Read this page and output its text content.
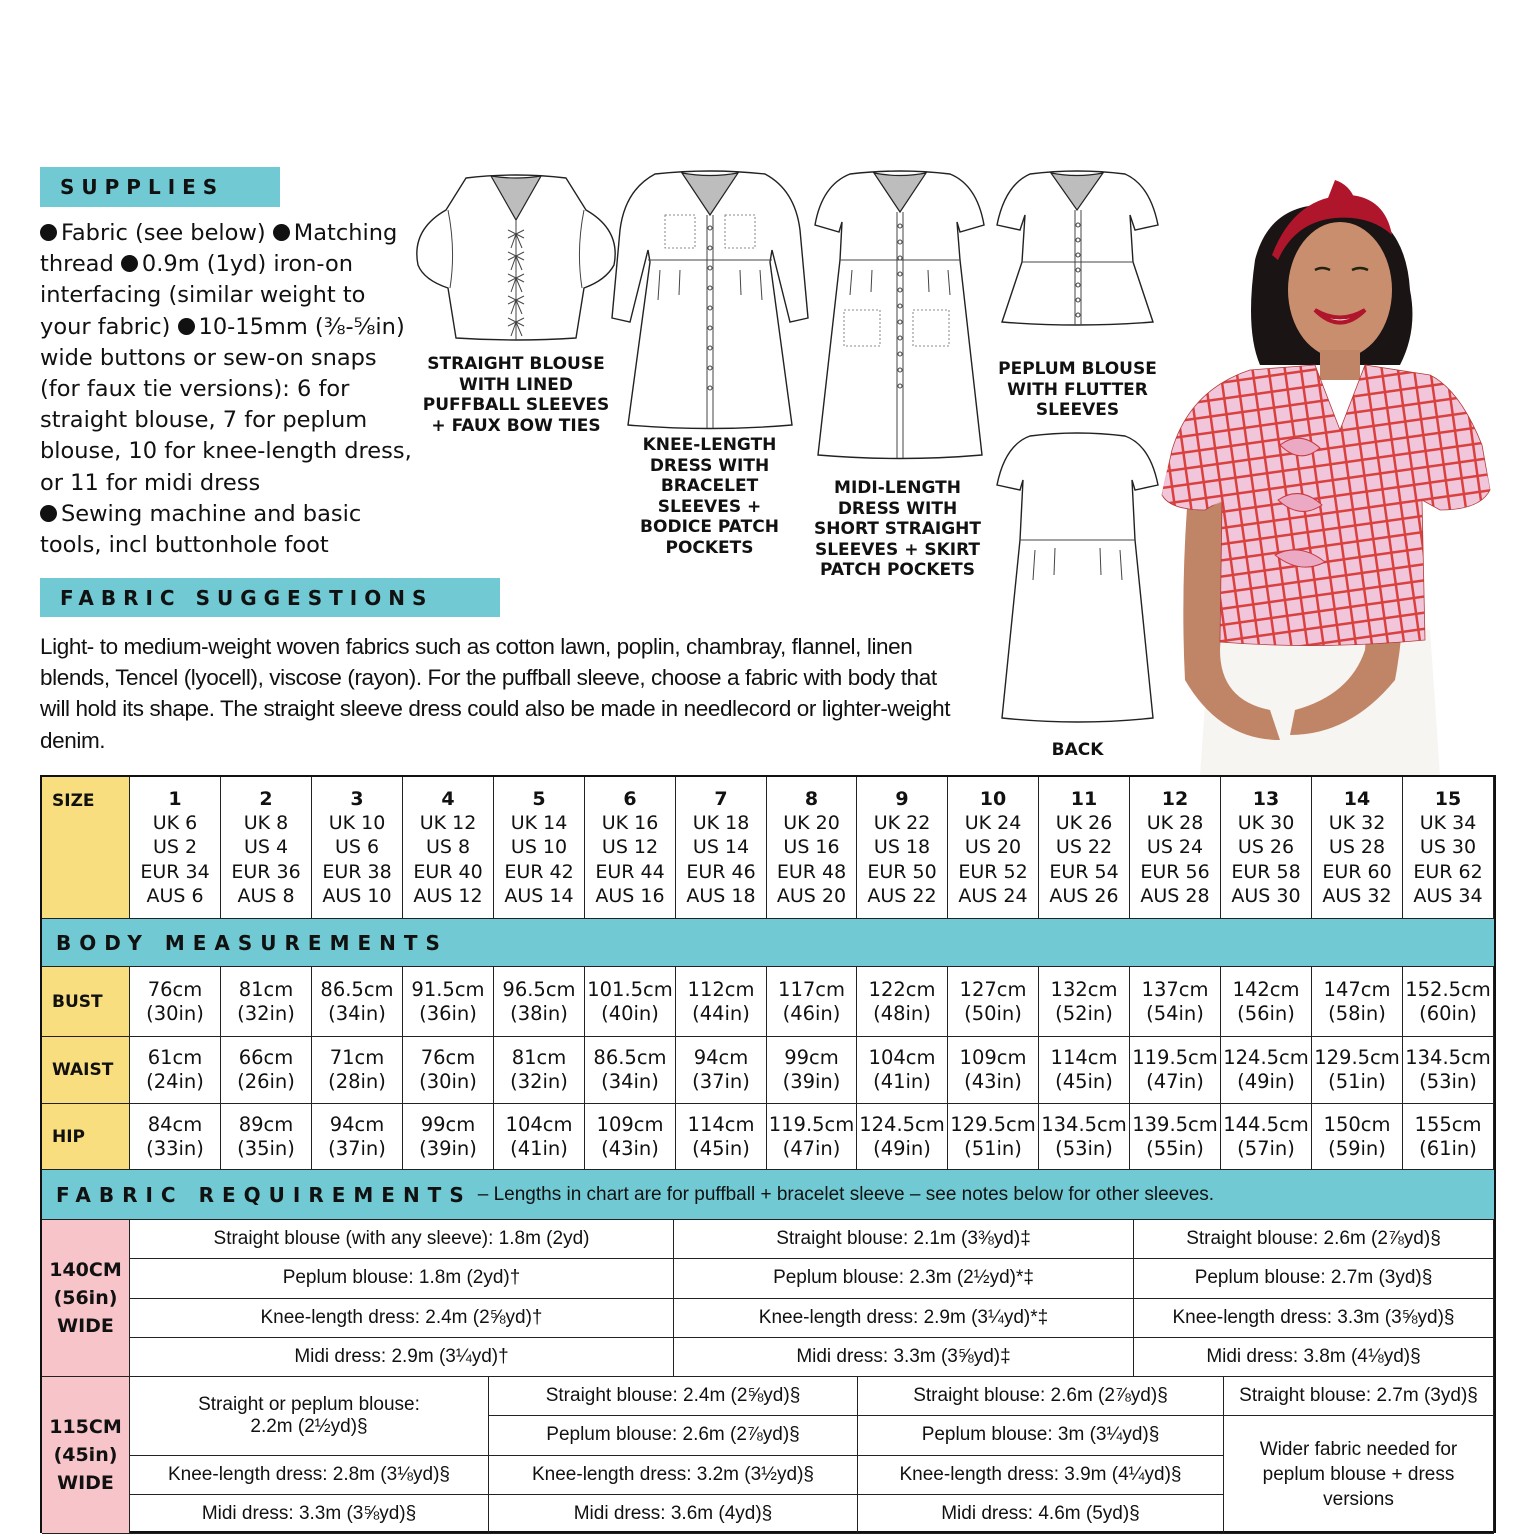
SUPPLIES
Fabric (see below) Matching thread 0.9m (1yd) iron-on interfacing (similar weight to your fabric) 10-15mm (⅜-⅝in) wide buttons or sew-on snaps (for faux tie versions): 6 for straight blouse, 7 for peplum blouse, 10 for knee-length dress, or 11 for midi dress
Sewing machine and basic tools, incl buttonhole foot
STRAIGHT BLOUSE WITH LINED PUFFBALL SLEEVES + FAUX BOW TIES
KNEE-LENGTH DRESS WITH BRACELET SLEEVES + BODICE PATCH POCKETS
MIDI-LENGTH DRESS WITH SHORT STRAIGHT SLEEVES + SKIRT PATCH POCKETS
PEPLUM BLOUSE WITH FLUTTER SLEEVES
BACK
FABRIC SUGGESTIONS
Light- to medium-weight woven fabrics such as cotton lawn, poplin, chambray, flannel, linen blends, Tencel (lyocell), viscose (rayon). For the puffball sleeve, choose a fabric with body that will hold its shape. The straight sleeve dress could also be made in needlecord or lighter-weight denim.
SIZE	1
UK 6
US 2
EUR 34
AUS 6
2
UK 8
US 4
EUR 36
AUS 8
3
UK 10
US 6
EUR 38
AUS 10
4
UK 12
US 8
EUR 40
AUS 12
5
UK 14
US 10
EUR 42
AUS 14
6
UK 16
US 12
EUR 44
AUS 16
7
UK 18
US 14
EUR 46
AUS 18
8
UK 20
US 16
EUR 48
AUS 20
9
UK 22
US 18
EUR 50
AUS 22
10
UK 24
US 20
EUR 52
AUS 24
11
UK 26
US 22
EUR 54
AUS 26
12
UK 28
US 24
EUR 56
AUS 28
13
UK 30
US 26
EUR 58
AUS 30
14
UK 32
US 28
EUR 60
AUS 32
15
UK 34
US 30
EUR 62
AUS 34
BODY MEASUREMENTS
BUST
76cm
(30in)
81cm
(32in)
86.5cm
(34in)
91.5cm
(36in)
96.5cm
(38in)
101.5cm
(40in)
112cm
(44in)
117cm
(46in)
122cm
(48in)
127cm
(50in)
132cm
(52in)
137cm
(54in)
142cm
(56in)
147cm
(58in)
152.5cm
(60in)
WAIST
61cm
(24in)
66cm
(26in)
71cm
(28in)
76cm
(30in)
81cm
(32in)
86.5cm
(34in)
94cm
(37in)
99cm
(39in)
104cm
(41in)
109cm
(43in)
114cm
(45in)
119.5cm
(47in)
124.5cm
(49in)
129.5cm
(51in)
134.5cm
(53in)
HIP
84cm
(33in)
89cm
(35in)
94cm
(37in)
99cm
(39in)
104cm
(41in)
109cm
(43in)
114cm
(45in)
119.5cm
(47in)
124.5cm
(49in)
129.5cm
(51in)
134.5cm
(53in)
139.5cm
(55in)
144.5cm
(57in)
150cm
(59in)
155cm
(61in)
FABRIC REQUIREMENTS – Lengths in chart are for puffball + bracelet sleeve – see notes below for other sleeves.
140CM
(56in)
WIDE
Straight blouse (with any sleeve): 1.8m (2yd)
Peplum blouse: 1.8m (2yd)†
Knee-length dress: 2.4m (2⅝yd)†
Midi dress: 2.9m (3¼yd)†
Straight blouse: 2.1m (3⅜yd)‡
Peplum blouse: 2.3m (2½yd)*‡
Knee-length dress: 2.9m (3¼yd)*‡
Midi dress: 3.3m (3⅝yd)‡
Straight blouse: 2.6m (2⅞yd)§
Peplum blouse: 2.7m (3yd)§
Knee-length dress: 3.3m (3⅝yd)§
Midi dress: 3.8m (4⅛yd)§
115CM
(45in)
WIDE
Straight or peplum blouse:
2.2m (2½yd)§
Knee-length dress: 2.8m (3⅛yd)§
Midi dress: 3.3m (3⅝yd)§
Straight blouse: 2.4m (2⅝yd)§
Peplum blouse: 2.6m (2⅞yd)§
Knee-length dress: 3.2m (3½yd)§
Midi dress: 3.6m (4yd)§
Straight blouse: 2.6m (2⅞yd)§
Peplum blouse: 3m (3¼yd)§
Knee-length dress: 3.9m (4¼yd)§
Midi dress: 4.6m (5yd)§
Straight blouse: 2.7m (3yd)§
Wider fabric needed for peplum blouse + dress versions
